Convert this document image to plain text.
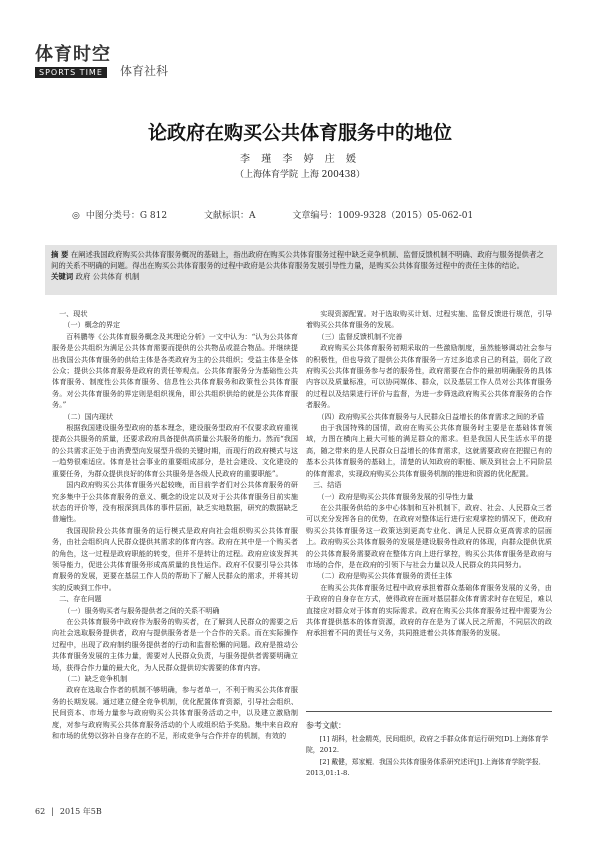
体育时空
SPORTS TIME	体育社科
论政府在购买公共体育服务中的地位
李 瑾 李 婷 庄 媛
（上海体育学院 上海 200438）
◎ 中图分类号：G 812	文献标识：A	文章编号：1009-9328（2015）05-062-01
摘 要 在阐述我国政府购买公共体育服务概况的基础上，指出政府在购买公共体育服务过程中缺乏竞争机制、监督反馈机制不明确、政府与服务提供者之间的关系不明确的问题。得出在购买公共体育服务的过程中政府是公共体育服务发展引导性力量，是购买公共体育服务过程中的责任主体的结论。
关键词 政府 公共体育 机制

一、现状

（一）概念的界定

百科鹏等《公共体育服务概念及其理论分析》一文中认为：“认为公共体育服务是公共组织为满足公共体育需要而提供的公共物品或混合物品。并继续提出我国公共体育服务的供给主体是各类政府为主的公共组织；受益主体是全体公众；提供公共体育服务是政府的责任等观点。公共体育服务分为基础性公共体育服务、制度性公共体育服务、信息性公共体育服务和政策性公共体育服务。对公共体育服务的界定则是组织视角，即公共组织供给的就是公共体育服务。”

（二）国内现状

根据我国建设服务型政府的基本理念，建设服务型政府不仅要求政府重视提高公共服务的质量，还要求政府具备提供高质量公共服务的能力。然而“我国的公共需求正处于由消费型向发展型升级的关键时期，而现行的政府模式与这一趋势很难适应。体育是社会事业的重要组成部分，是社会建设、文化建设的重要任务，为群众提供良好的体育公共服务是各级人民政府的重要职能”。

国内政府购买公共体育服务兴起较晚，而目前学者们对公共体育服务的研究多集中于公共体育服务的意义、概念的设定以及对于公共体育服务目前实施状态的评价等，没有根深到具体的事件层面，缺乏实地数据，研究的数据缺乏普遍性。

我国现阶段公共体育服务的运行模式是政府向社会组织购买公共体育服务，由社会组织向人民群众提供其需求的体育内容。政府在其中是一个购买者的角色，这一过程是政府职能的转变，但并不是转让的过程。政府应该发挥其领导能力，促进公共体育服务形成高质量的良性运作。政府不仅要引导公共体育服务的发展，更要在基层工作人员的帮助下了解人民群众的需求，并将其切实的反映到工作中。

二、存在问题

（一）服务购买者与服务提供者之间的关系不明确

在公共体育服务中政府作为服务的购买者，在了解到人民群众的需要之后向社会选取服务提供者，政府与提供服务者是一个合作的关系。而在实际操作过程中，出现了政府制约服务提供者的行动和监督松懈的问题。政府是推动公共体育服务发展的主体力量，需要对人民群众负责，与服务提供者需要明确立场，获得合作力量的最大化，为人民群众提供切实需要的体育内容。

（二）缺乏竞争机制

政府在选取合作者的机制不够明确，参与者单一，不利于购买公共体育服务的长期发展。通过建立健全竞争机制，优化配置体育资源，引导社会组织、民间资本、市场力量参与政府购买公共体育服务活动之中，以及建立激励制度，对参与政府购买公共体育服务活动的个人或组织给予奖励。集中来自政府和市场的优势以弥补自身存在的不足，形成竞争与合作并存的机制，有效的

实现资源配置。对于选取购买计划、过程实施、监督反馈进行规范，引导着购买公共体育服务的发展。

（三）监督反馈机制不完善

政府购买公共体育服务初期采取的一些激励制度，虽然能够调动社会参与的积极性，但也导致了提供公共体育服务一方过多追求自己的利益，弱化了政府购买公共体育服务参与者的服务性，政府需要在合作的最初明确服务的具体内容以及质量标准，可以协同媒体、群众，以及基层工作人员对公共体育服务的过程以及结果进行评价与监督，为进一步筛选政府购买公共体育服务的合作者服务。

（四）政府购买公共体育服务与人民群众日益增长的体育需求之间的矛盾

由于我国特殊的国情，政府在购买公共体育服务时主要是在基础体育领域，力图在横向上最大可能的满足群众的需求。但是我国人民生活水平的提高，随之带来的是人民群众日益增长的体育需求，这就需要政府在把握已有的基本公共体育服务的基础上，清楚的认知政府的职能、顺及到社会上不同阶层的体育需求，实现政府购买公共体育服务机制的推进和资源的优化配置。

三、结语

（一）政府是购买公共体育服务发展的引导性力量

在公共服务供给的多中心体制和互补机制下，政府、社会、人民群众三者可以充分发挥各自的优势，在政府对整体运行进行宏观掌控的情况下，使政府购买公共体育服务这一政策达到更高专业化、满足人民群众更高需求的层面上。政府购买公共体育服务的发展是建设服务性政府的体现，向群众提供优质的公共体育服务需要政府在整体方向上进行掌控，购买公共体育服务是政府与市场的合作，是在政府的引领下与社会力量以及人民群众的共同努力。

（二）政府是购买公共体育服务的责任主体

在购买公共体育服务过程中政府承担着群众基础体育服务发展的义务，由于政府的自身存在方式，使得政府在面对基层群众体育需求时存在短足，难以直接应对群众对于体育的实际需求。政府在购买公共体育服务过程中需要为公共体育提供基本的体育资源，政府的存在是为了谋人民之所需，不同层次的政府承担着不同的责任与义务，共同推进着公共体育服务的发展。

参考文献：

[1] 胡科，杜金精英，民间组织，政府之手群众体育运行研究[D].上海体育学院，2012.

[2] 戴健，郑家鲲．我国公共体育服务体系研究述评[J].上海体育学院学报．2013,01:1-8.

62 | 2015 年5B
